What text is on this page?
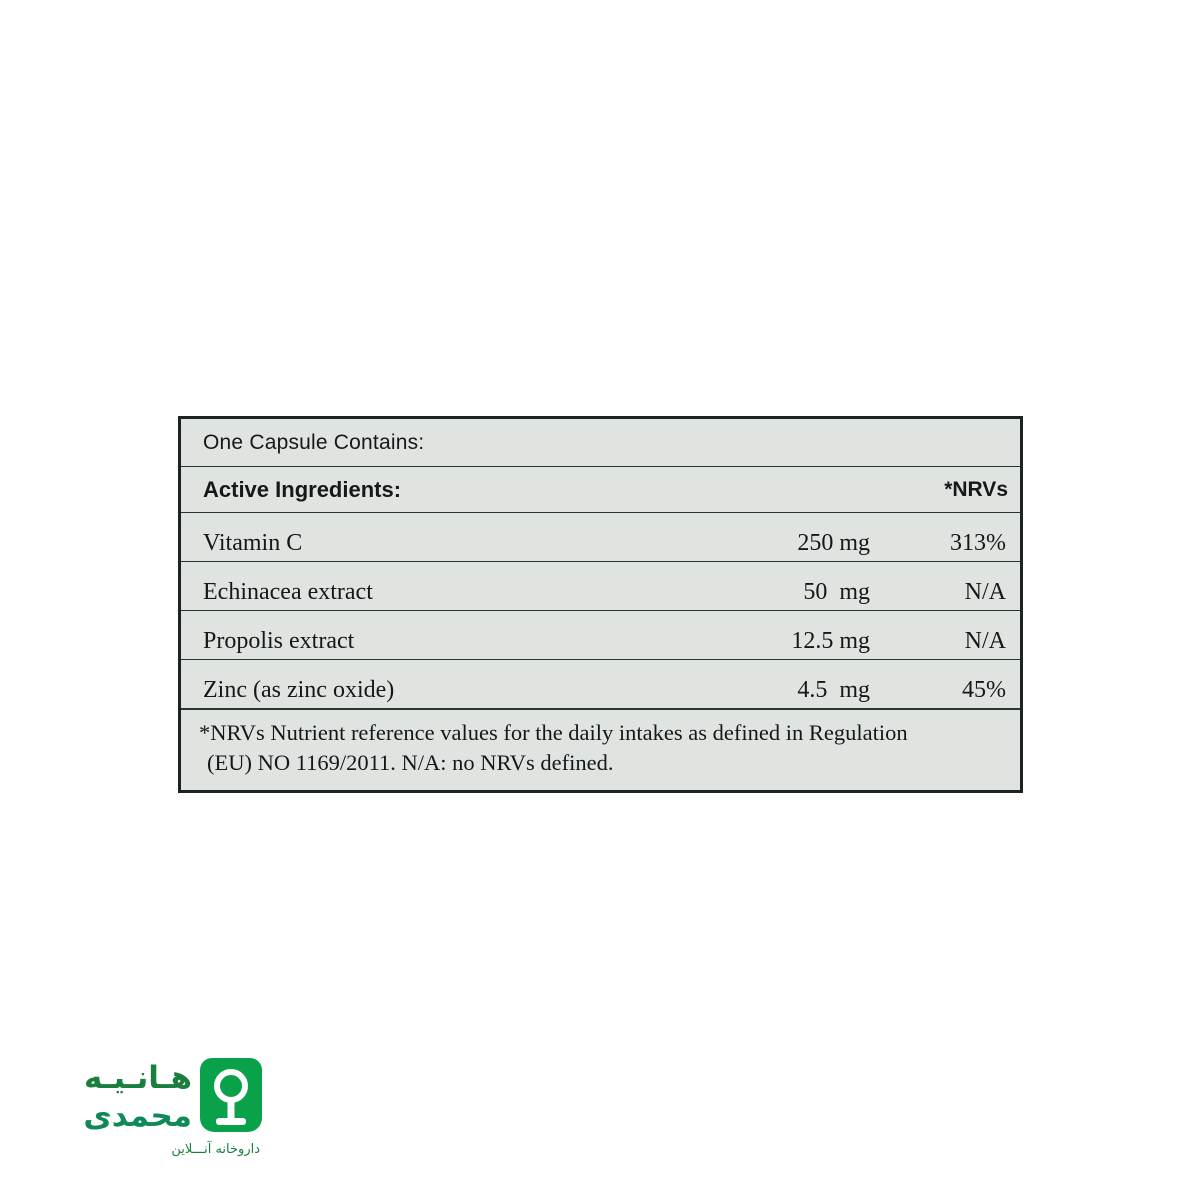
One Capsule Contains:
Active Ingredients:	*NRVs
Vitamin C	250 mg	313%
Echinacea extract	50  mg	N/A
Propolis extract	12.5 mg	N/A
Zinc (as zinc oxide)	4.5  mg	45%
*NRVs Nutrient reference values for the daily intakes as defined in Regulation
(EU) NO 1169/2011. N/A: no NRVs defined.
هـانـیـه
محمدی
داروخانه آنـــلاین
